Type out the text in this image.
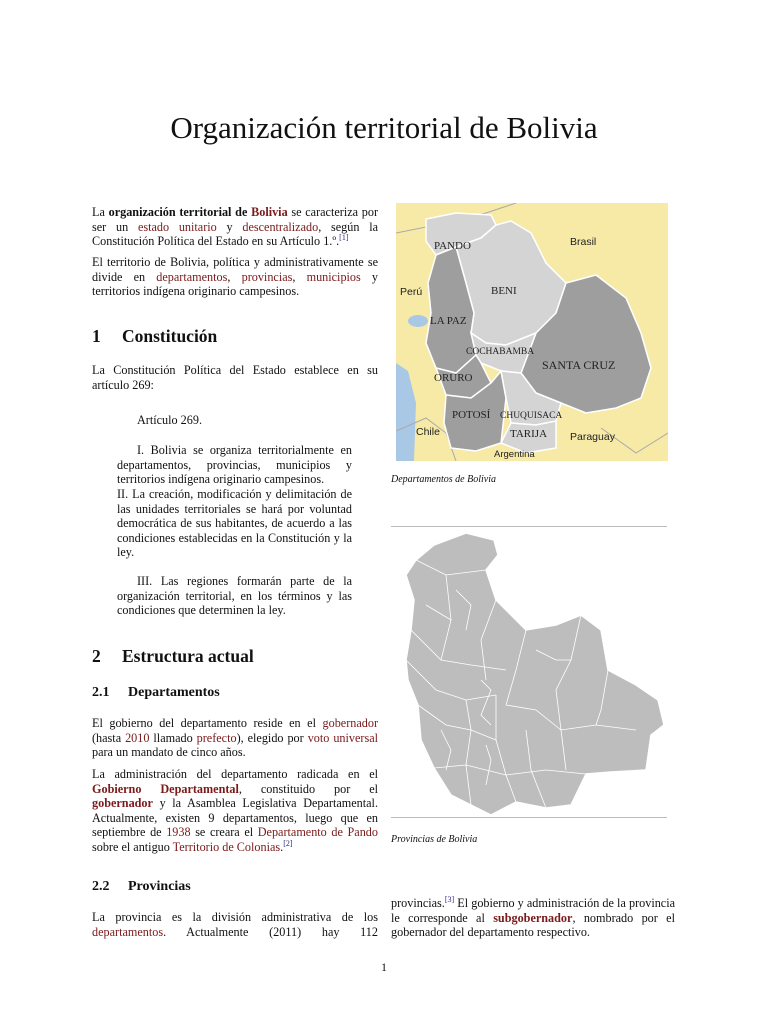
Organización territorial de Bolivia
La organización territorial de Bolivia se caracteriza por ser un estado unitario y descentralizado, según la Constitución Política del Estado en su Artículo 1.º.[1]
El territorio de Bolivia, política y administrativamente se divide en departamentos, provincias, municipios y territorios indígena originario campesinos.
1 Constitución
La Constitución Política del Estado establece en su artículo 269:
Artículo 269.
I. Bolivia se organiza territorialmente en departamentos, provincias, municipios y territorios indígena originario campesinos.
II. La creación, modificación y delimitación de las unidades territoriales se hará por voluntad democrática de sus habitantes, de acuerdo a las condiciones establecidas en la Constitución y la ley.
III. Las regiones formarán parte de la organización territorial, en los términos y las condiciones que determinen la ley.
2 Estructura actual
2.1 Departamentos
El gobierno del departamento reside en el gobernador (hasta 2010 llamado prefecto), elegido por voto universal para un mandato de cinco años.
La administración del departamento radicada en el Gobierno Departamental, constituido por el gobernador y la Asamblea Legislativa Departamental. Actualmente, existen 9 departamentos, luego que en septiembre de 1938 se creara el Departamento de Pando sobre el antiguo Territorio de Colonias.[2]
2.2 Provincias
La provincia es la división administrativa de los departamentos. Actualmente (2011) hay 112
provincias.[3] El gobierno y administración de la provincia le corresponde al subgobernador, nombrado por el gobernador del departamento respectivo.
PANDO	Brasil
BENI
Perú
LA PAZ
COCHABAMBA
SANTA CRUZ
ORURO
POTOSÍ CHUQUISACA
Chile	TARIJA Paraguay
Argentina
Departamentos de Bolivia
Provincias de Bolivia
1
